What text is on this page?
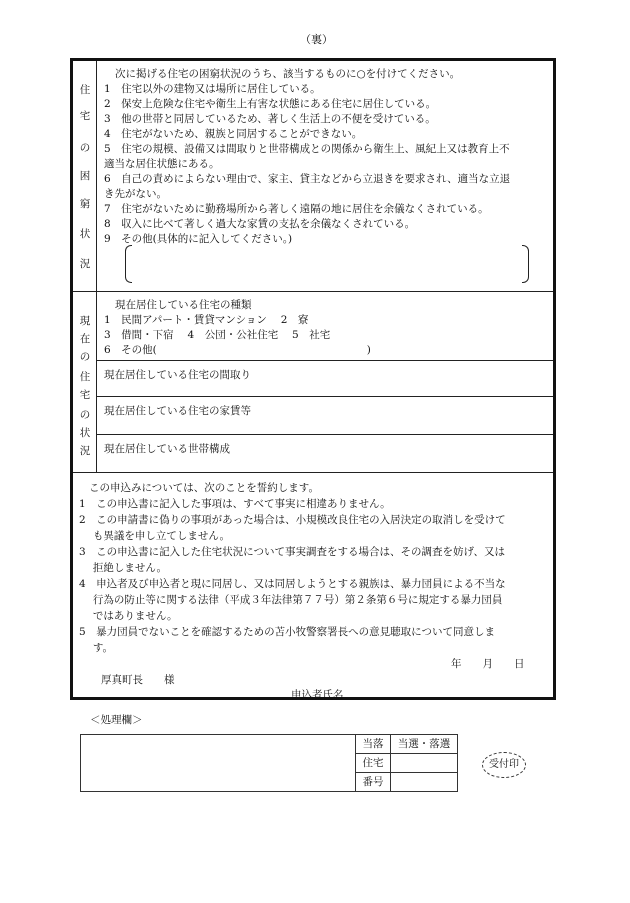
（裏）
住
宅
の
困
窮
状
況
次に掲げる住宅の困窮状況のうち、該当するものに○を付けてください。
1　住宅以外の建物又は場所に居住している。
2　保安上危険な住宅や衛生上有害な状態にある住宅に居住している。
3　他の世帯と同居しているため、著しく生活上の不便を受けている。
4　住宅がないため、親族と同居することができない。
5　住宅の規模、設備又は間取りと世帯構成との関係から衛生上、風紀上又は教育上不
適当な居住状態にある。
6　自己の責めによらない理由で、家主、貸主などから立退きを要求され、適当な立退
き先がない。
7　住宅がないために勤務場所から著しく遠隔の地に居住を余儀なくされている。
8　収入に比べて著しく過大な家賃の支払を余儀なくされている。
9　その他(具体的に記入してください。)
現
在
の
住
宅
の
状
況
現在居住している住宅の種類
1　民間アパート・賃貸マンション　 2　寮
3　借間・下宿　 4　公団・公社住宅　 5　社宅
6　その他(　　　　　　　　　　　　　　　　　　　　)
現在居住している住宅の間取り
現在居住している住宅の家賃等
現在居住している世帯構成
この申込みについては、次のことを誓約します。
1　この申込書に記入した事項は、すべて事実に相違ありません。
2　この申請書に偽りの事項があった場合は、小規模改良住宅の入居決定の取消しを受けて
　 も異議を申し立てしません。
3　この申込書に記入した住宅状況について事実調査をする場合は、その調査を妨げ、又は
　 拒絶しません。
4　申込者及び申込者と現に同居し、又は同居しようとする親族は、暴力団員による不当な
　 行為の防止等に関する法律（平成３年法律第７７号）第２条第６号に規定する暴力団員
　 ではありません。
5　暴力団員でないことを確認するための苫小牧警察署長への意見聴取について同意しま
　 す。
年　　月　　日
厚真町長　　様
申込者氏名
＜処理欄＞
	当落	当選・落選
	住宅	
	番号	
受付印
